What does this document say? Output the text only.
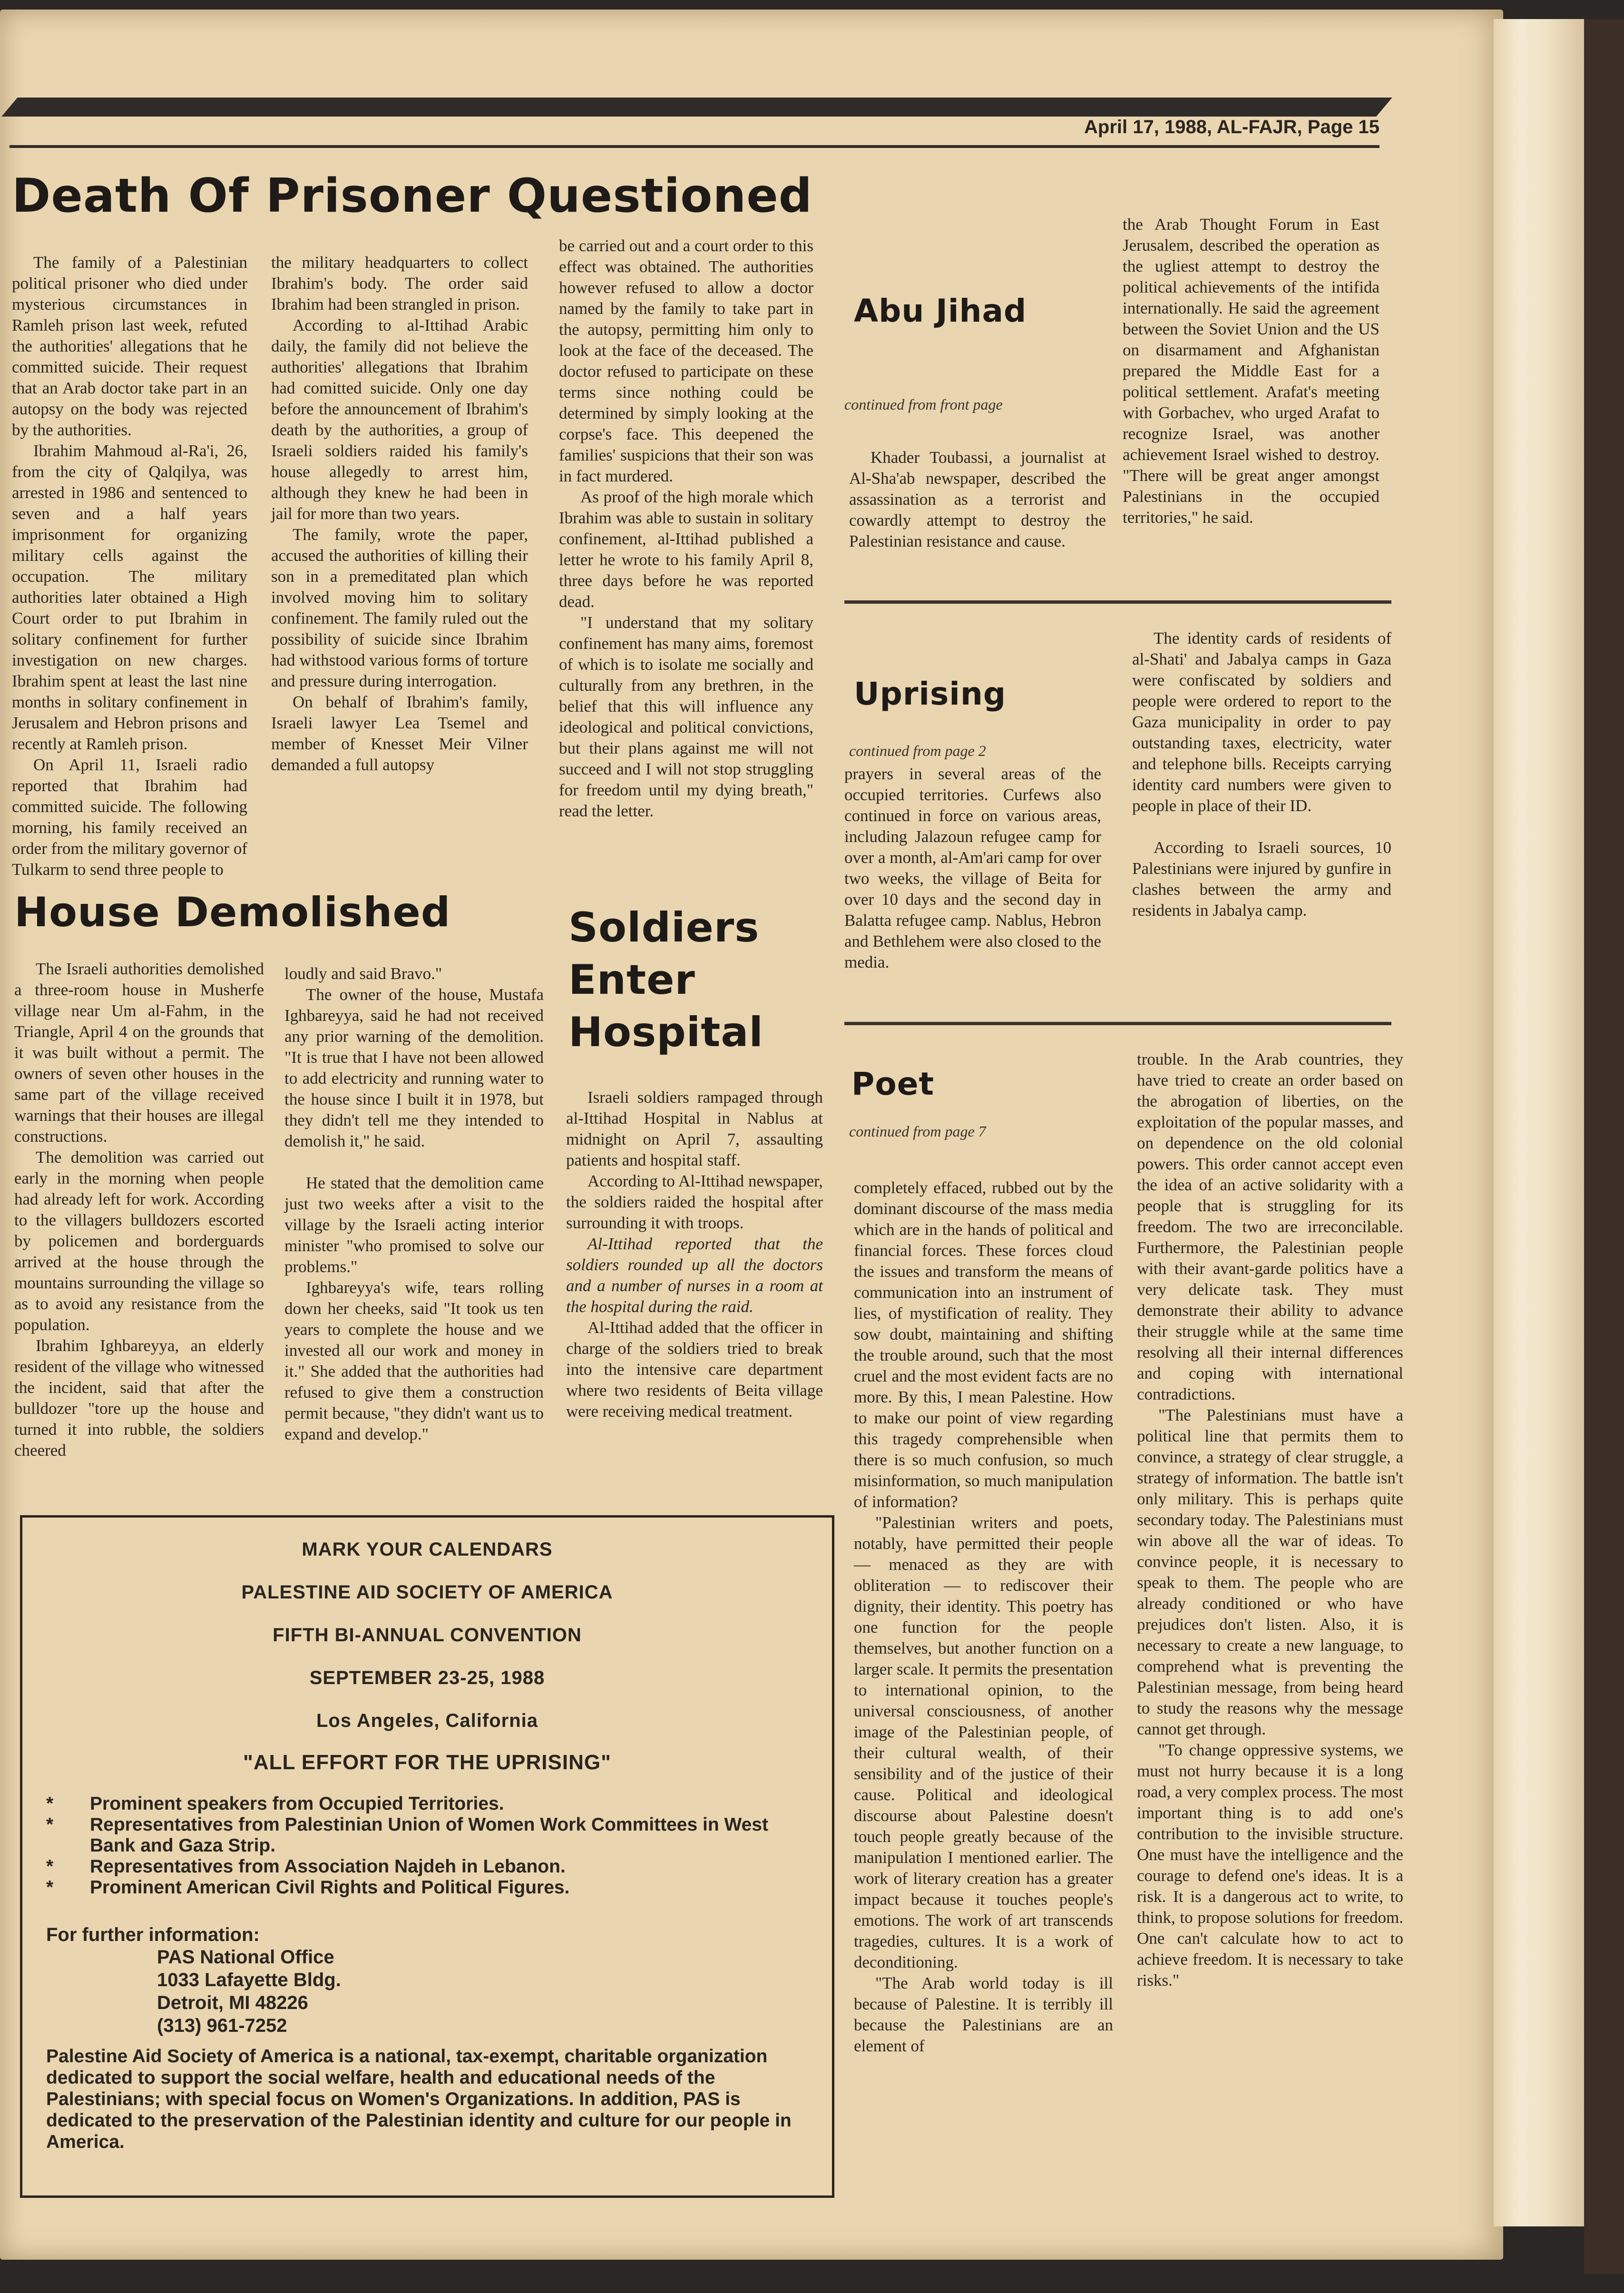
April 17, 1988, AL-FAJR, Page 15
Death Of Prisoner Questioned

The family of a Palestinian political prisoner who died under mysterious circumstances in Ramleh prison last week, refuted the authorities' allegations that he committed suicide. Their request that an Arab doctor take part in an autopsy on the body was rejected by the authorities.

Ibrahim Mahmoud al-Ra'i, 26, from the city of Qalqilya, was arrested in 1986 and sentenced to seven and a half years imprisonment for organizing military cells against the occupation. The military authorities later obtained a High Court order to put Ibrahim in solitary confinement for further investigation on new charges. Ibrahim spent at least the last nine months in solitary confinement in Jerusalem and Hebron prisons and recently at Ramleh prison.

On April 11, Israeli radio reported that Ibrahim had committed suicide. The following morning, his family received an order from the military governor of Tulkarm to send three people to

the military headquarters to collect Ibrahim's body. The order said Ibrahim had been strangled in prison.

According to al-Ittihad Arabic daily, the family did not believe the authorities' allegations that Ibrahim had comitted suicide. Only one day before the announcement of Ibrahim's death by the authorities, a group of Israeli soldiers raided his family's house allegedly to arrest him, although they knew he had been in jail for more than two years.

The family, wrote the paper, accused the authorities of killing their son in a premeditated plan which involved moving him to solitary confinement. The family ruled out the possibility of suicide since Ibrahim had withstood various forms of torture and pressure during interrogation.

On behalf of Ibrahim's family, Israeli lawyer Lea Tsemel and member of Knesset Meir Vilner demanded a full autopsy

be carried out and a court order to this effect was obtained. The authorities however refused to allow a doctor named by the family to take part in the autopsy, permitting him only to look at the face of the deceased. The doctor refused to participate on these terms since nothing could be determined by simply looking at the corpse's face. This deepened the families' suspicions that their son was in fact murdered.

As proof of the high morale which Ibrahim was able to sustain in solitary confinement, al-Ittihad published a letter he wrote to his family April 8, three days before he was reported dead.

"I understand that my solitary confinement has many aims, foremost of which is to isolate me socially and culturally from any brethren, in the belief that this will influence any ideological and political convictions, but their plans against me will not succeed and I will not stop struggling for freedom until my dying breath," read the letter.

Abu Jihad
continued from front page

Khader Toubassi, a journalist at Al-Sha'ab newspaper, described the assassination as a terrorist and cowardly attempt to destroy the Palestinian resistance and cause.

the Arab Thought Forum in East Jerusalem, described the operation as the ugliest attempt to destroy the political achievements of the intifida internationally. He said the agreement between the Soviet Union and the US on disarmament and Afghanistan prepared the Middle East for a political settlement. Arafat's meeting with Gorbachev, who urged Arafat to recognize Israel, was another achievement Israel wished to destroy. "There will be great anger amongst Palestinians in the occupied territories," he said.

Uprising
continued from page 2

prayers in several areas of the occupied territories. Curfews also continued in force on various areas, including Jalazoun refugee camp for over a month, al-Am'ari camp for over two weeks, the village of Beita for over 10 days and the second day in Balatta refugee camp. Nablus, Hebron and Bethlehem were also closed to the media.

The identity cards of residents of al-Shati' and Jabalya camps in Gaza were confiscated by soldiers and people were ordered to report to the Gaza municipality in order to pay outstanding taxes, electricity, water and telephone bills. Receipts carrying identity card numbers were given to people in place of their ID.

According to Israeli sources, 10 Palestinians were injured by gunfire in clashes between the army and residents in Jabalya camp.

House Demolished

The Israeli authorities demolished a three-room house in Musherfe village near Um al-Fahm, in the Triangle, April 4 on the grounds that it was built without a permit. The owners of seven other houses in the same part of the village received warnings that their houses are illegal constructions.

The demolition was carried out early in the morning when people had already left for work. According to the villagers bulldozers escorted by policemen and borderguards arrived at the house through the mountains surrounding the village so as to avoid any resistance from the population.

Ibrahim Ighbareyya, an elderly resident of the village who witnessed the incident, said that after the bulldozer "tore up the house and turned it into rubble, the soldiers cheered

loudly and said Bravo."

The owner of the house, Mustafa Ighbareyya, said he had not received any prior warning of the demolition. "It is true that I have not been allowed to add electricity and running water to the house since I built it in 1978, but they didn't tell me they intended to demolish it," he said.

He stated that the demolition came just two weeks after a visit to the village by the Israeli acting interior minister "who promised to solve our problems."

Ighbareyya's wife, tears rolling down her cheeks, said "It took us ten years to complete the house and we invested all our work and money in it." She added that the authorities had refused to give them a construction permit because, "they didn't want us to expand and develop."

Soldiers
Enter
Hospital

Israeli soldiers rampaged through al-Ittihad Hospital in Nablus at midnight on April 7, assaulting patients and hospital staff.

According to Al-Ittihad newspaper, the soldiers raided the hospital after surrounding it with troops.

Al-Ittihad reported that the soldiers rounded up all the doctors and a number of nurses in a room at the hospital during the raid.

Al-Ittihad added that the officer in charge of the soldiers tried to break into the intensive care department where two residents of Beita village were receiving medical treatment.

Poet
continued from page 7

completely effaced, rubbed out by the dominant discourse of the mass media which are in the hands of political and financial forces. These forces cloud the issues and transform the means of communication into an instrument of lies, of mystification of reality. They sow doubt, maintaining and shifting the trouble around, such that the most cruel and the most evident facts are no more. By this, I mean Palestine. How to make our point of view regarding this tragedy comprehensible when there is so much confusion, so much misinformation, so much manipulation of information?

"Palestinian writers and poets, notably, have permitted their people — menaced as they are with obliteration — to rediscover their dignity, their identity. This poetry has one function for the people themselves, but another function on a larger scale. It permits the presentation to international opinion, to the universal consciousness, of another image of the Palestinian people, of their cultural wealth, of their sensibility and of the justice of their cause. Political and ideological discourse about Palestine doesn't touch people greatly because of the manipulation I mentioned earlier. The work of literary creation has a greater impact because it touches people's emotions. The work of art transcends tragedies, cultures. It is a work of deconditioning.

"The Arab world today is ill because of Palestine. It is terribly ill because the Palestinians are an element of

trouble. In the Arab countries, they have tried to create an order based on the abrogation of liberties, on the exploitation of the popular masses, and on dependence on the old colonial powers. This order cannot accept even the idea of an active solidarity with a people that is struggling for its freedom. The two are irreconcilable. Furthermore, the Palestinian people with their avant-garde politics have a very delicate task. They must demonstrate their ability to advance their struggle while at the same time resolving all their internal differences and coping with international contradictions.

"The Palestinians must have a political line that permits them to convince, a strategy of clear struggle, a strategy of information. The battle isn't only military. This is perhaps quite secondary today. The Palestinians must win above all the war of ideas. To convince people, it is necessary to speak to them. The people who are already conditioned or who have prejudices don't listen. Also, it is necessary to create a new language, to comprehend what is preventing the Palestinian message, from being heard to study the reasons why the message cannot get through.

"To change oppressive systems, we must not hurry because it is a long road, a very complex process. The most important thing is to add one's contribution to the invisible structure. One must have the intelligence and the courage to defend one's ideas. It is a risk. It is a dangerous act to write, to think, to propose solutions for freedom. One can't calculate how to act to achieve freedom. It is necessary to take risks."

MARK YOUR CALENDARS
PALESTINE AID SOCIETY OF AMERICA
FIFTH BI-ANNUAL CONVENTION
SEPTEMBER 23-25, 1988
Los Angeles, California
"ALL EFFORT FOR THE UPRISING"
* Prominent speakers from Occupied Territories.
* Representatives from Palestinian Union of Women Work Committees in West Bank and Gaza Strip.
* Representatives from Association Najdeh in Lebanon.
* Prominent American Civil Rights and Political Figures.
For further information:
PAS National Office
1033 Lafayette Bldg.
Detroit, MI 48226
(313) 961-7252
Palestine Aid Society of America is a national, tax-exempt, charitable organization dedicated to support the social welfare, health and educational needs of the Palestinians; with special focus on Women's Organizations. In addition, PAS is dedicated to the preservation of the Palestinian identity and culture for our people in America.
